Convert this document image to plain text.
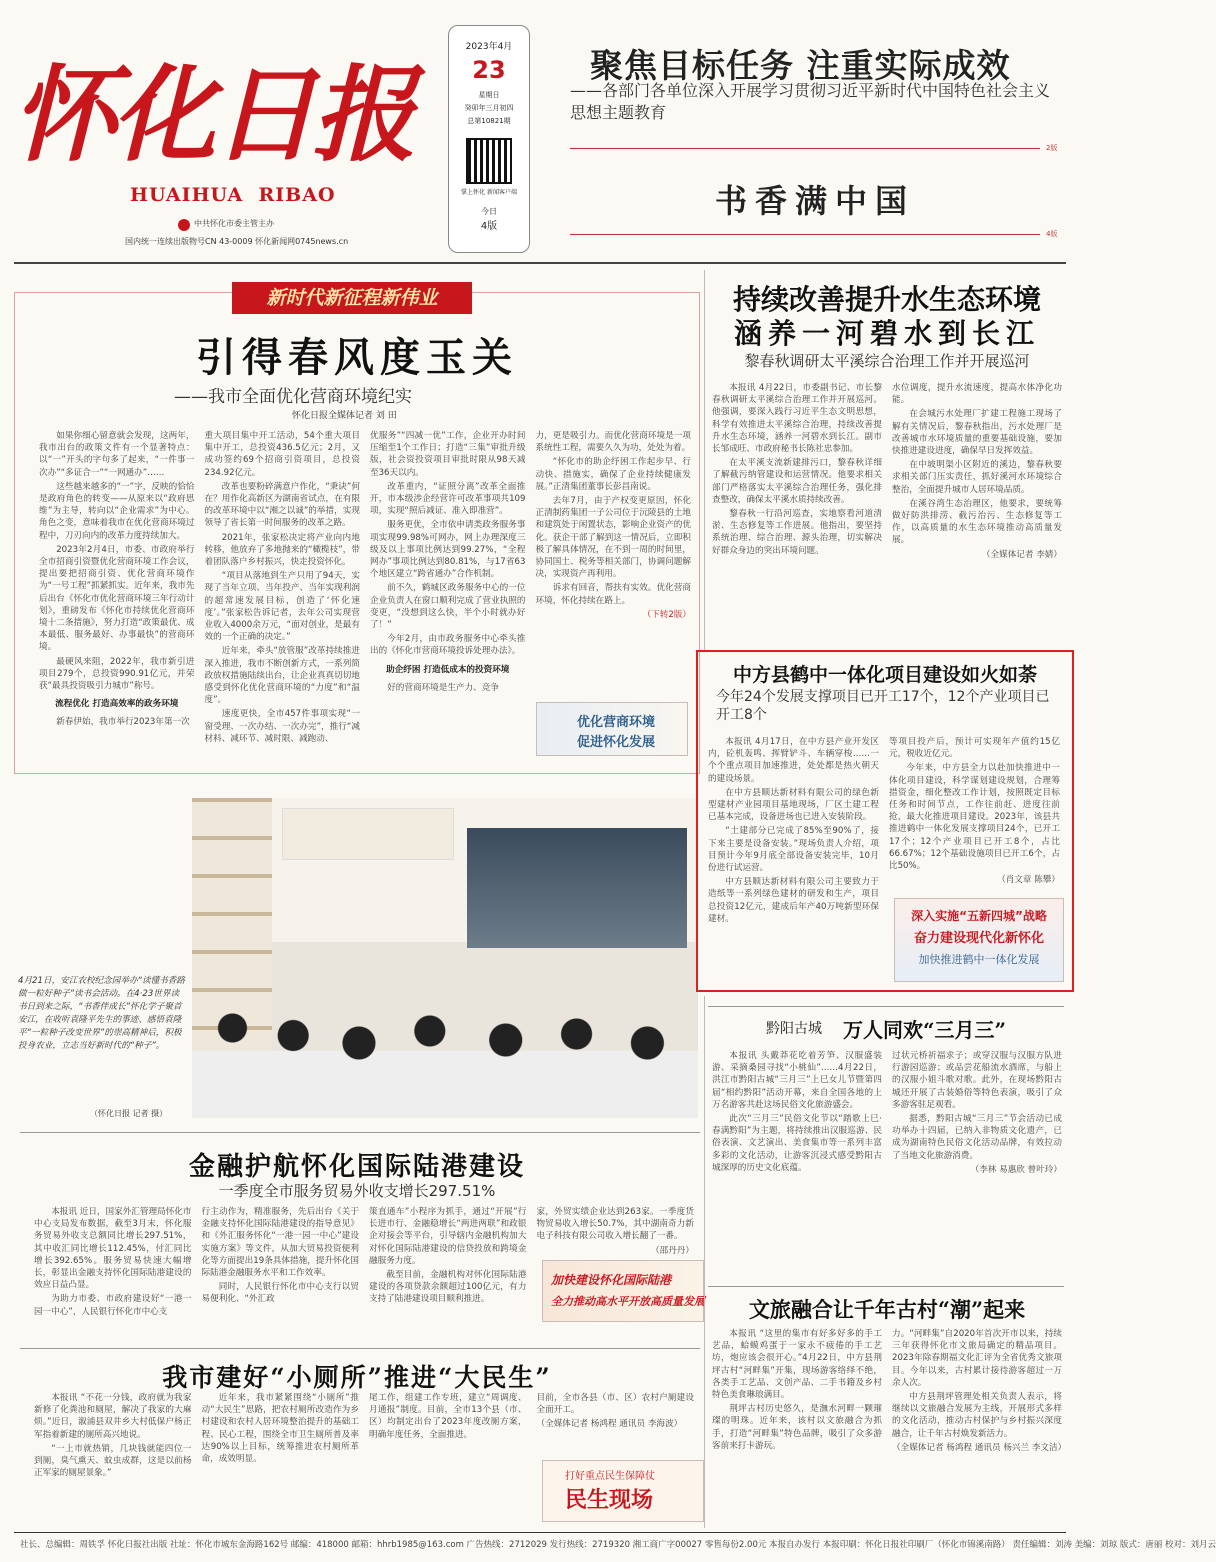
怀化日报
HUAIHUA  RIBAO
中共怀化市委主管主办
国内统一连续出版物号CN 43-0009 怀化新闻网0745news.cn
2023年4月
23
星期日
癸卯年三月初四
总第10821期
掌上怀化 新闻客户端
今日
4版
聚焦目标任务 注重实际成效
——各部门各单位深入开展学习贯彻习近平新时代中国特色社会主义思想主题教育
2版
书香满中国
4版
新时代新征程新伟业
引得春风度玉关
——我市全面优化营商环境纪实
怀化日报全媒体记者 刘 田

如果你细心留意就会发现，这两年，我市出台的政策文件有一个显著特点：以“一”开头的字句多了起来，“一件事一次办”“多证合一”“一网通办”……

这些越来越多的“一”字，反映的恰恰是政府角色的转变——从原来以“政府思维”为主导，转向以“企业需求”为中心。角色之变，意味着我市在优化营商环境过程中，刀刃向内的改革力度持续加大。

2023年2月4日，市委、市政府举行全市招商引资暨优化营商环境工作会议，提出要把招商引资、优化营商环境作为“一号工程”抓紧抓实。近年来，我市先后出台《怀化市优化营商环境三年行动计划》，重磅发布《怀化市持续优化营商环境十二条措施》，努力打造“政策最优、成本最低、服务最好、办事最快”的营商环境。

最硬风来阻，2022年，我市新引进项目279个，总投资990.91亿元，并荣获“最具投资吸引力城市”称号。

流程优化 打造高效率的政务环境

新春伊始，我市举行2023年第一次

重大项目集中开工活动，54个重大项目集中开工，总投资436.5亿元；2月，又成功签约69个招商引资项目，总投资234.92亿元。

改革也要粉碎满意户作化，“秉诀”何在？用作化高新区为湖南省试点，在有限的改革环境中以“湘之以诚”的举措，实现领导了省长第一时间服务的改革之路。

2021年，张家松决定将产业向内地转移，他放弃了多地抛来的“橄榄枝”，带着团队落户乡村振兴，快走投资怀化。

“项目从落地到生产只用了94天，实现了当年立项、当年投产、当年实现利润的超常速发展目标，创造了‘怀化速度’。”张家松告诉记者，去年公司实现营业收入4000余万元，“面对创业，是最有效的一个正确的决定。”

近年来，牵头“放管服”改革持续推进深入推进，我市不断创新方式，一系列简政放权措施陆续出台，让企业真真切切地感受到怀化优化营商环境的“力度”和“温度”。

速度更快，全市457件事项实现“一窗受理、一次办结、一次办完”，推行“减材料、减环节、减时限、减跑动、

优服务”“四减一优”工作，企业开办时间压缩至1个工作日；打造“三集”审批升级版，社会资投资项目审批时限从98天减至36天以内。

改革重内，“证照分离”改革全面推开，市本级涉企经营许可改革事项共109项，实现“照后减证、准入即准营”。

服务更优，全市依申请类政务服务事项实现99.98%可网办，网上办理深度三级及以上事项比例达到99.27%，“全程网办”事项比例达到80.81%，与17省63个地区建立“跨省通办”合作机制。

前不久，鹤城区政务服务中心的一位企业负责人在窗口顺利完成了营业执照的变更，“没想到这么快，半个小时就办好了！”

今年2月，由市政务服务中心牵头推出的《怀化市营商环境投诉处理办法》。

助企纾困 打造低成本的投资环境

好的营商环境是生产力、竞争

力，更是吸引力。而优化营商环境是一项系统性工程，需要久久为功，处处为着。

“怀化市的助企纾困工作起步早、行动快、措施实，确保了企业持续健康发展。”正清集团董事长彭昌南说。

去年7月，由于产权变更原因，怀化正清制药集团一子公司位于沅陵县的土地和建筑处于闲置状态，影响企业资产的优化。获企干部了解到这一情况后，立即积极了解具体情况，在不到一周的时间里，协同国土、税务等相关部门，协调问题解决，实现资产再利用。

诉求有回音，帮扶有实效。优化营商环境，怀化持续在路上。

（下转2版）

优化营商环境
促进怀化发展
4月21日，安江农校纪念园举办“读懂书香路 做一粒好种子”读书会活动。在4·23世界读书日到来之际，“书香伴成长”怀化学子聚首安江，在收听袁隆平先生的事迹、感悟袁隆平“一粒种子改变世界”的崇高精神后，积极投身农业，立志当好新时代的“种子”。
（怀化日报 记者 摄）
持续改善提升水生态环境
涵养一河碧水到长江
黎春秋调研太平溪综合治理工作并开展巡河

本报讯 4月22日，市委副书记、市长黎春秋调研太平溪综合治理工作并开展巡河。他强调，要深入践行习近平生态文明思想，科学有效推进太平溪综合治理，持续改善提升水生态环境，涵养一河碧水到长江。副市长邹成旺、市政府秘书长陈社忠参加。

在太平溪支流新建排污口，黎春秋详细了解截污纳管建设和运营情况。他要求相关部门严格落实太平溪综合治理任务，强化排查整改，确保太平溪水质持续改善。

黎春秋一行沿河巡查，实地察看河道清淤、生态修复等工作进展。他指出，要坚持系统治理、综合治理、源头治理，切实解决好群众身边的突出环境问题。

水位调度，提升水流速度，提高水体净化功能。

在会城污水处理厂扩建工程施工现场了解有关情况后，黎春秋指出，污水处理厂是改善城市水环境质量的重要基础设施，要加快推进建设进度，确保早日发挥效益。

在中坡明渠小区附近的溪边，黎春秋要求相关部门压实责任，抓好溪河水环境综合整治，全面提升城市人居环境品质。

在溪谷湾生态治理区，他要求，要统筹做好防洪排涝、截污治污、生态修复等工作，以高质量的水生态环境推动高质量发展。

（全媒体记者 李婧）

中方县鹤中一体化项目建设如火如荼
今年24个发展支撑项目已开工17个，12个产业项目已开工8个

本报讯 4月17日，在中方县产业开发区内，砼机轰鸣、挥臂铲斗、车辆穿梭……一个个重点项目加速推进，处处都是热火朝天的建设场景。

在中方县顺达新材料有限公司的绿色新型建材产业园项目基地现场，厂区土建工程已基本完成，设备进场也已进入安装阶段。

“土建部分已完成了85%至90%了，接下来主要是设备安装。”现场负责人介绍，项目预计今年9月底全部设备安装完毕，10月份进行试运营。

中方县顺达新材料有限公司主要致力于造纸等一系列绿色建材的研发和生产，项目总投资12亿元，建成后年产40万吨新型环保建材。

等项目投产后，预计可实现年产值约15亿元，税收近亿元。

今年来，中方县全力以赴加快推进中一体化项目建设，科学谋划建设规划，合理筹措资金，细化整改工作计划，按照既定目标任务和时间节点，工作往前赶、进度往前抢，最大化推进项目建设。2023年，该县共推进鹤中一体化发展支撑项目24个，已开工17个；12个产业项目已开工8个，占比66.67%；12个基础设施项目已开工6个，占比50%。

（肖文章 陈攀）

深入实施“五新四城”战略
奋力建设现代化新怀化
加快推进鹤中一体化发展
黔阳古城 万人同欢“三月三”

本报讯 头戴莽花吃着芳笋、汉服盛装游、采摘桑园寻找“小桃仙”……4月22日，洪江市黔阳古城“三月三”上巳女儿节暨第四届“相约黔阳”活动开幕，来自全国各地的上万名游客共赴这场民俗文化旅游盛会。

此次“三月三”民俗文化节以“踏歌上巳·春满黔阳”为主题，将持续推出汉服巡游、民俗表演、文艺演出、美食集市等一系列丰富多彩的文化活动，让游客沉浸式感受黔阳古城深厚的历史文化底蕴。

过状元桥祈福求子；或穿汉服与汉服方队进行游园巡游；或品尝花船流水酒席，与船上的汉服小姐斗歌对歌。此外，在现场黔阳古城还开展了古装婚俗等特色表演，吸引了众多游客驻足观看。

据悉，黔阳古城“三月三”节会活动已成功举办十四届，已纳入非物质文化遗产，已成为湖南特色民俗文化活动品牌，有效拉动了当地文化旅游消费。

（李林 易惠欣 曾叶玲）

金融护航怀化国际陆港建设
一季度全市服务贸易外收支增长297.51%

本报讯 近日，国家外汇管理局怀化市中心支局发布数据，截至3月末，怀化服务贸易外收支总额同比增长297.51%，其中收汇同比增长112.45%，付汇同比增长392.65%。服务贸易快速大幅增长，彰显出金融支持怀化国际陆港建设的效应日益凸显。

为助力市委、市政府建设好“一港一园一中心”，人民银行怀化市中心支

行主动作为，精准服务，先后出台《关于金融支持怀化国际陆港建设的指导意见》和《外汇服务怀化“一港一园一中心”建设实施方案》等文件，从加大贸易投资便利化等方面提出19条具体措施，提升怀化国际陆港金融服务水平和工作效率。

同时，人民银行怀化市中心支行以贸易便利化、“外汇政

策直通车”小程序为抓手，通过“开展”行长进市行、金融稳增长“两进两联”和政银企对接会等平台，引导辖内金融机构加大对怀化国际陆港建设的信贷投放和跨境金融服务力度。

截至目前，金融机构对怀化国际陆港建设的各项贷款余额超过100亿元，有力支持了陆港建设项目顺利推进。

家，外贸实绩企业达到263家。一季度货物贸易收入增长50.7%，其中湖南奇力新电子科技有限公司收入增长翻了一番。

（邵丹丹）

加快建设怀化国际陆港
全力推动高水平开放高质量发展	文旅融合让千年古村“潮”起来

本报讯 “这里的集市有好多好多的手工艺品，蛤蟆鸡蛋于一家永不疲倦的手工艺坊，炮应该会很开心。”4月22日，中方县荆坪古村“河畔集”开集，现场游客络绎不绝，各类手工艺品、文创产品、二手书籍及乡村特色美食琳琅满目。

荆坪古村历史悠久，是潕水河畔一颗璀璨的明珠。近年来，该村以文旅融合为抓手，打造“河畔集”特色品牌，吸引了众多游客前来打卡游玩。

力。“河畔集”自2020年首次开市以来，持续三年获得怀化市文旅局确定的精品项目。2023年除春期福文化汇评为全省优秀文旅项目。今年以来，古村累计接待游客超过一万余人次。

中方县荆坪管理处相关负责人表示，将继续以文旅融合发展为主线，开展形式多样的文化活动，推动古村保护与乡村振兴深度融合，让千年古村焕发新活力。

（全媒体记者 杨鸿程 通讯员 杨兴兰 李文洁）

我市建好“小厕所”推进“大民生”

本报讯 “不花一分钱，政府就为我家新修了化粪池和厕屋，解决了我家的大麻烦。”近日，溆浦县双井乡大村低保户杨正军指着新建的厕所高兴地说。

“一上市就热销，几块钱就能四位一到厕，臭气熏天、蚊虫成群，这是以前杨正军家的厕屋景象。”

近年来，我市紧紧围绕“小厕所”推动“大民生”思路，把农村厕所改造作为乡村建设和农村人居环境整治提升的基础工程、民心工程，围绕全市卫生厕所普及率达90%以上目标，统筹推进农村厕所革命，成效明显。

尾工作，组建工作专班，建立“周调度、月通报”制度。目前，全市13个县（市、区）均制定出台了2023年度改厕方案，明确年度任务，全面推进。

目前，全市各县（市、区）农村户厕建设全面开工。

（全媒体记者 杨鸿程 通讯员 李海波）

打好重点民生保障仗
民生现场
社长、总编辑：周铁孚 怀化日报社出版 社址：怀化市城东金海路162号 邮编：418000 邮箱：hhrb1985@163.com 广告热线：2712029 发行热线：2719320 湘工商广字00027 零售每份2.00元 本报自办发行 本报印刷：怀化日报社印刷厂（怀化市锦溪南路） 责任编辑：刘涛 美编：刘琼 版式：唐丽 校对：刘月云
